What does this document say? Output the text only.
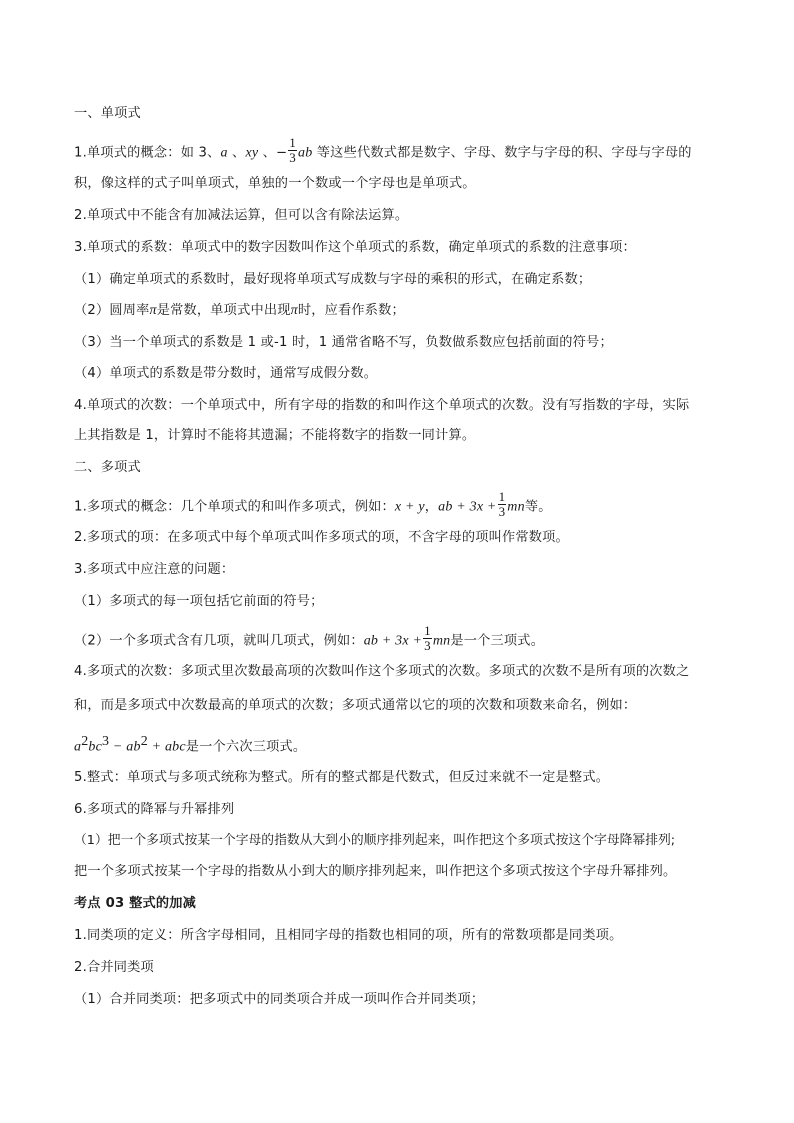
一、单项式
1.单项式的概念：如 3、a 、xy 、− $\frac{1}{3}$ ab 等这些代数式都是数字、字母、数字与字母的积、字母与字母的
积，像这样的式子叫单项式，单独的一个数或一个字母也是单项式。
2.单项式中不能含有加减法运算，但可以含有除法运算。
3.单项式的系数：单项式中的数字因数叫作这个单项式的系数，确定单项式的系数的注意事项：
（1）确定单项式的系数时，最好现将单项式写成数与字母的乘积的形式，在确定系数；
（2）圆周率π是常数，单项式中出现π时，应看作系数；
（3）当一个单项式的系数是 1 或-1 时，1 通常省略不写，负数做系数应包括前面的符号；
（4）单项式的系数是带分数时，通常写成假分数。
4.单项式的次数：一个单项式中，所有字母的指数的和叫作这个单项式的次数。没有写指数的字母，实际
上其指数是 1，计算时不能将其遗漏；不能将数字的指数一同计算。
二、多项式
1.多项式的概念：几个单项式的和叫作多项式，例如：x + y，ab + $3x + \frac{1}{3}$ mn等。
2.多项式的项：在多项式中每个单项式叫作多项式的项，不含字母的项叫作常数项。
3.多项式中应注意的问题：
（1）多项式的每一项包括它前面的符号；
（2）一个多项式含有几项，就叫几项式，例如：ab + $3x + \frac{1}{3}$ mn是一个三项式。
4.多项式的次数：多项式里次数最高项的次数叫作这个多项式的次数。多项式的次数不是所有项的次数之
和，而是多项式中次数最高的单项式的次数；多项式通常以它的项的次数和项数来命名，例如：
$a^2bc^3 - ab^2$ + abc是一个六次三项式。
5.整式：单项式与多项式统称为整式。所有的整式都是代数式，但反过来就不一定是整式。
6.多项式的降幂与升幂排列
（1）把一个多项式按某一个字母的指数从大到小的顺序排列起来，叫作把这个多项式按这个字母降幂排列;
把一个多项式按某一个字母的指数从小到大的顺序排列起来，叫作把这个多项式按这个字母升幂排列。
考点 03 整式的加减
1.同类项的定义：所含字母相同，且相同字母的指数也相同的项，所有的常数项都是同类项。
2.合并同类项
（1）合并同类项：把多项式中的同类项合并成一项叫作合并同类项；
